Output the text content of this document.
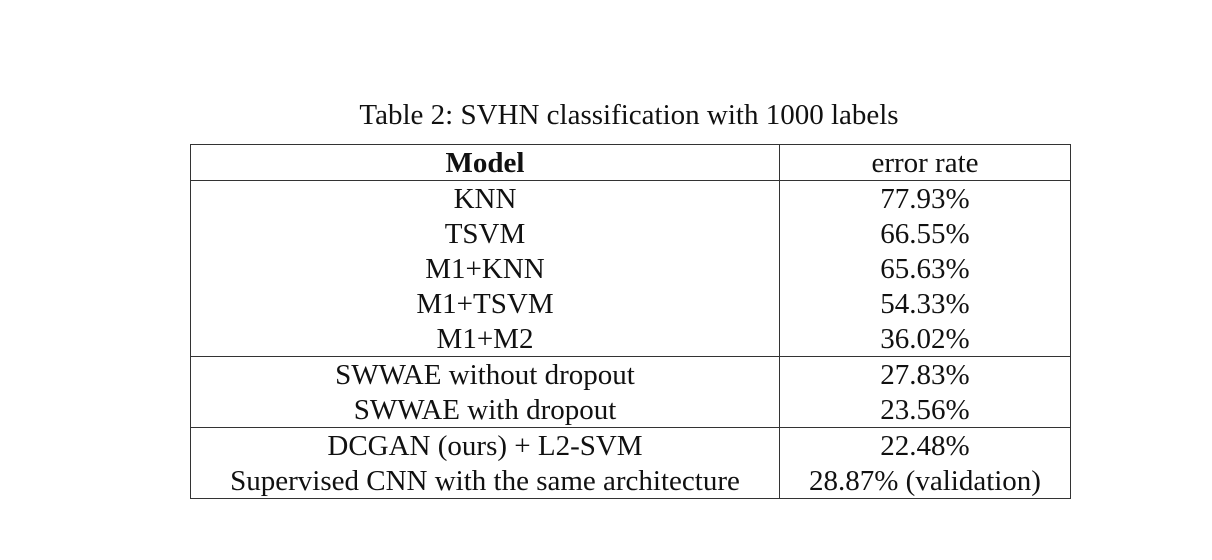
Table 2: SVHN classification with 1000 labels
Model	error rate
KNN	77.93%
TSVM	66.55%
M1+KNN	65.63%
M1+TSVM	54.33%
M1+M2	36.02%
SWWAE without dropout	27.83%
SWWAE with dropout	23.56%
DCGAN (ours) + L2-SVM	22.48%
Supervised CNN with the same architecture	28.87% (validation)
